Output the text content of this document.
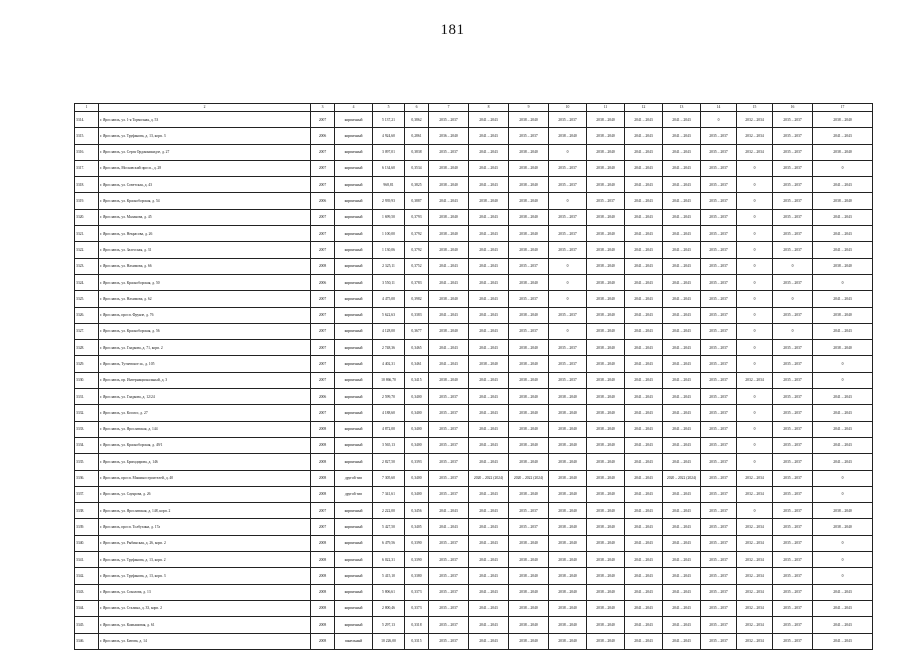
181
1	2	3	4	5	6	7	8	9	10	11	12	13	14	15	16	17
3314.	г. Ярославль, ул. 1-я Тормозная, д. 53	2007	кирпичный	5 137,21	0,3862	2035 – 2037	2041 – 2043	2038 – 2040	2035 – 2037	2038 – 2040	2041 – 2043	2041 – 2043	0	2032 – 2034	2035 – 2037	2038 – 2040
3315.	г. Ярославль, ул. Труфанова, д. 13, корп. 3	2006	кирпичный	4 924,60	0,2861	2036 – 2040	2041 – 2043	2035 – 2037	2038 – 2040	2038 – 2040	2041 – 2043	2041 – 2043	2035 – 2037	2032 – 2034	2035 – 2037	2041 – 2043
3316.	г. Ярославль, ул. Сергя Орджоникидзе, д. 27	2007	кирпичный	3 097,01	0,3838	2035 – 2037	2041 – 2043	2038 – 2040	0	2038 – 2040	2041 – 2043	2041 – 2043	2035 – 2037	2032 – 2034	2035 – 2037	2038 – 2040
3317.	г. Ярославль, Московский просп., д. 28	2007	кирпичный	6 134,60	0,3534	2038 – 2040	2041 – 2043	2038 – 2040	2035 – 2037	2038 – 2040	2041 – 2043	2041 – 2043	2035 – 2037	0	2035 – 2037	0
3318.	г. Ярославль, ул. Советская, д. 43	2007	кирпичный	968,81	0,3825	2038 – 2040	2041 – 2043	2038 – 2040	2035 – 2037	2038 – 2040	2041 – 2043	2041 – 2043	2035 – 2037	0	2035 – 2037	2041 – 2043
3319.	г. Ярославль, ул. Красноборская, д. 54	2006	кирпичный	2 939,93	0,3887	2041 – 2043	2038 – 2040	2038 – 2040	0	2035 – 2037	2041 – 2043	2041 – 2043	2035 – 2037	0	2035 – 2037	2038 – 2040
3320.	г. Ярославль, ул. Маланова, д. 45	2007	кирпичный	1 699,50	0,3793	2038 – 2040	2041 – 2043	2038 – 2040	2035 – 2037	2038 – 2040	2041 – 2043	2041 – 2043	2035 – 2037	0	2035 – 2037	2041 – 2043
3321.	г. Ярославль, ул. Некрасова, д. 26	2007	кирпичный	1 100,00	0,3792	2038 – 2040	2041 – 2043	2038 – 2040	2035 – 2037	2038 – 2040	2041 – 2043	2041 – 2043	2035 – 2037	0	2035 – 2037	2041 – 2043
3322.	г. Ярославль, ул. Залесская, д. 31	2007	кирпичный	1 130,06	0,3792	2038 – 2040	2041 – 2043	2038 – 2040	2035 – 2037	2038 – 2040	2041 – 2043	2041 – 2043	2035 – 2037	0	2035 – 2037	2041 – 2043
3323.	г. Ярославль, ул. Нахимова, д. 66	2008	кирпичный	2 325,11	0,3752	2041 – 2043	2041 – 2043	2035 – 2037	0	2038 – 2040	2041 – 2043	2041 – 2043	2035 – 2037	0	0	2038 – 2040
3324.	г. Ярославль, ул. Красноборская, д. 50	2006	кирпичный	3 550,11	0,3783	2041 – 2043	2041 – 2043	2038 – 2040	0	2038 – 2040	2041 – 2043	2041 – 2043	2035 – 2037	0	2035 – 2037	0
3325.	г. Ярославль, ул. Нахимова, д. 62	2007	кирпичный	4 475,00	0,3982	2038 – 2040	2041 – 2043	2035 – 2037	0	2038 – 2040	2041 – 2043	2041 – 2043	2035 – 2037	0	0	2041 – 2043
3326.	г. Ярославль, просп. Фрунзе, д. 76	2007	кирпичный	5 622,63	0,3383	2041 – 2043	2041 – 2043	2038 – 2040	2035 – 2037	2038 – 2040	2041 – 2043	2041 – 2043	2035 – 2037	0	2035 – 2037	2038 – 2040
3327.	г. Ярославль, ул. Красноборская, д. 56	2007	кирпичный	4 128,00	0,3677	2038 – 2040	2041 – 2043	2035 – 2037	0	2038 – 2040	2041 – 2043	2041 – 2043	2035 – 2037	0	0	2041 – 2043
3328.	г. Ярославль, ул. Гладкова, д. 71, корп. 2	2007	кирпичный	2 748,36	0,3465	2041 – 2043	2041 – 2043	2038 – 2040	2035 – 2037	2038 – 2040	2041 – 2043	2041 – 2043	2035 – 2037	0	2035 – 2037	2038 – 2040
3329.	г. Ярославль, Тутаевское ш., д. 105	2007	кирпичный	4 402,31	0,3461	2041 – 2043	2038 – 2040	2038 – 2040	2035 – 2037	2038 – 2040	2041 – 2043	2041 – 2043	2035 – 2037	0	2035 – 2037	0
3330.	г. Ярославль, пр. Интернациональный, д. 3	2007	кирпичный	10 866,70	0,3415	2038 – 2040	2041 – 2043	2038 – 2040	2035 – 2037	2038 – 2040	2041 – 2043	2041 – 2043	2035 – 2037	2032 – 2034	2035 – 2037	0
3331.	г. Ярославль, ул. Гладкова, д. 12/24	2006	кирпичный	2 599,70	0,3400	2035 – 2037	2041 – 2043	2038 – 2040	2038 – 2040	2038 – 2040	2041 – 2043	2041 – 2043	2035 – 2037	0	2035 – 2037	2041 – 2043
3332.	г. Ярославль, ул. Космос, д. 27	2007	кирпичный	4 188,60	0,3400	2035 – 2037	2041 – 2043	2038 – 2040	2038 – 2040	2038 – 2040	2041 – 2043	2041 – 2043	2035 – 2037	0	2035 – 2037	2041 – 2043
3333.	г. Ярославль, ул. Ярославская, д. 144	2008	кирпичный	4 872,00	0,3400	2035 – 2037	2041 – 2043	2038 – 2040	2038 – 2040	2038 – 2040	2041 – 2043	2041 – 2043	2035 – 2037	0	2035 – 2037	2041 – 2043
3334.	г. Ярославль, ул. Красноборская, д. 49/1	2008	кирпичный	3 565,13	0,3400	2035 – 2037	2041 – 2043	2038 – 2040	2038 – 2040	2038 – 2040	2041 – 2043	2041 – 2043	2035 – 2037	0	2035 – 2037	2041 – 2043
3335.	г. Ярославль, ул. Бригадирова, д. 146	2008	кирпичный	2 827,50	0,3393	2035 – 2037	2041 – 2043	2038 – 2040	2038 – 2040	2038 – 2040	2041 – 2043	2041 – 2043	2035 – 2037	0	2035 – 2037	2041 – 2043
3336.	г. Ярославль, просп. Машиностроителей, д. 40	2008	другой тип	7 305,60	0,3400	2035 – 2037	2020 – 2022 (2024)	2020 – 2022 (2024)	2038 – 2040	2038 – 2040	2041 – 2043	2020 – 2022 (2024)	2035 – 2037	2032 – 2034	2035 – 2037	0
3337.	г. Ярославль, ул. Саукрова, д. 26	2008	другой тип	7 341,61	0,3400	2035 – 2037	2041 – 2043	2038 – 2040	2038 – 2040	2038 – 2040	2041 – 2043	2041 – 2043	2035 – 2037	2032 – 2034	2035 – 2037	0
3338.	г. Ярославль, ул. Ярославская, д. 148, корп. 2	2007	кирпичный	2 222,00	0,3456	2041 – 2043	2041 – 2043	2035 – 2037	2038 – 2040	2038 – 2040	2041 – 2043	2041 – 2043	2035 – 2037	0	2035 – 2037	2038 – 2040
3339.	г. Ярославль, просп. Толбухина, д. 17а	2007	кирпичный	5 427,50	0,3405	2041 – 2043	2041 – 2043	2035 – 2037	2038 – 2040	2038 – 2040	2041 – 2043	2041 – 2043	2035 – 2037	2032 – 2034	2035 – 2037	2038 – 2040
3340.	г. Ярославль, ул. Рыбинская, д. 26, корп. 2	2008	кирпичный	6 479,56	0,3390	2035 – 2037	2041 – 2043	2038 – 2040	2038 – 2040	2038 – 2040	2041 – 2043	2041 – 2043	2035 – 2037	2032 – 2034	2035 – 2037	0
3341.	г. Ярославль, ул. Труфанова, д. 13, корп. 2	2008	кирпичный	6 022,31	0,3390	2035 – 2037	2041 – 2043	2038 – 2040	2038 – 2040	2038 – 2040	2041 – 2043	2041 – 2043	2035 – 2037	2032 – 2034	2035 – 2037	0
3342.	г. Ярославль, ул. Труфанова, д. 13, корп. 3	2008	кирпичный	5 415,10	0,3380	2035 – 2037	2041 – 2043	2038 – 2040	2038 – 2040	2038 – 2040	2041 – 2043	2041 – 2043	2035 – 2037	2032 – 2034	2035 – 2037	0
3343.	г. Ярославль, ул. Соколова, д. 13	2008	кирпичный	5 806,61	0,3373	2035 – 2037	2041 – 2043	2038 – 2040	2038 – 2040	2038 – 2040	2041 – 2043	2041 – 2043	2035 – 2037	2032 – 2034	2035 – 2037	2041 – 2043
3344.	г. Ярославль, ул. Сталина, д. 33, корп. 2	2008	кирпичный	2 800,46	0,3373	2035 – 2037	2041 – 2043	2038 – 2040	2038 – 2040	2038 – 2040	2041 – 2043	2041 – 2043	2035 – 2037	2032 – 2034	2035 – 2037	2041 – 2043
3345.	г. Ярославль, ул. Камышовая, д. 61	2008	кирпичный	5 297,13	0,3318	2035 – 2037	2041 – 2043	2038 – 2040	2038 – 2040	2038 – 2040	2041 – 2043	2041 – 2043	2035 – 2037	2032 – 2034	2035 – 2037	2041 – 2043
3346.	г. Ярославль, ул. Битова, д. 14	2008	панельный	10 226,00	0,3315	2035 – 2037	2041 – 2043	2038 – 2040	2038 – 2040	2038 – 2040	2041 – 2043	2041 – 2043	2035 – 2037	2032 – 2034	2035 – 2037	2041 – 2043
